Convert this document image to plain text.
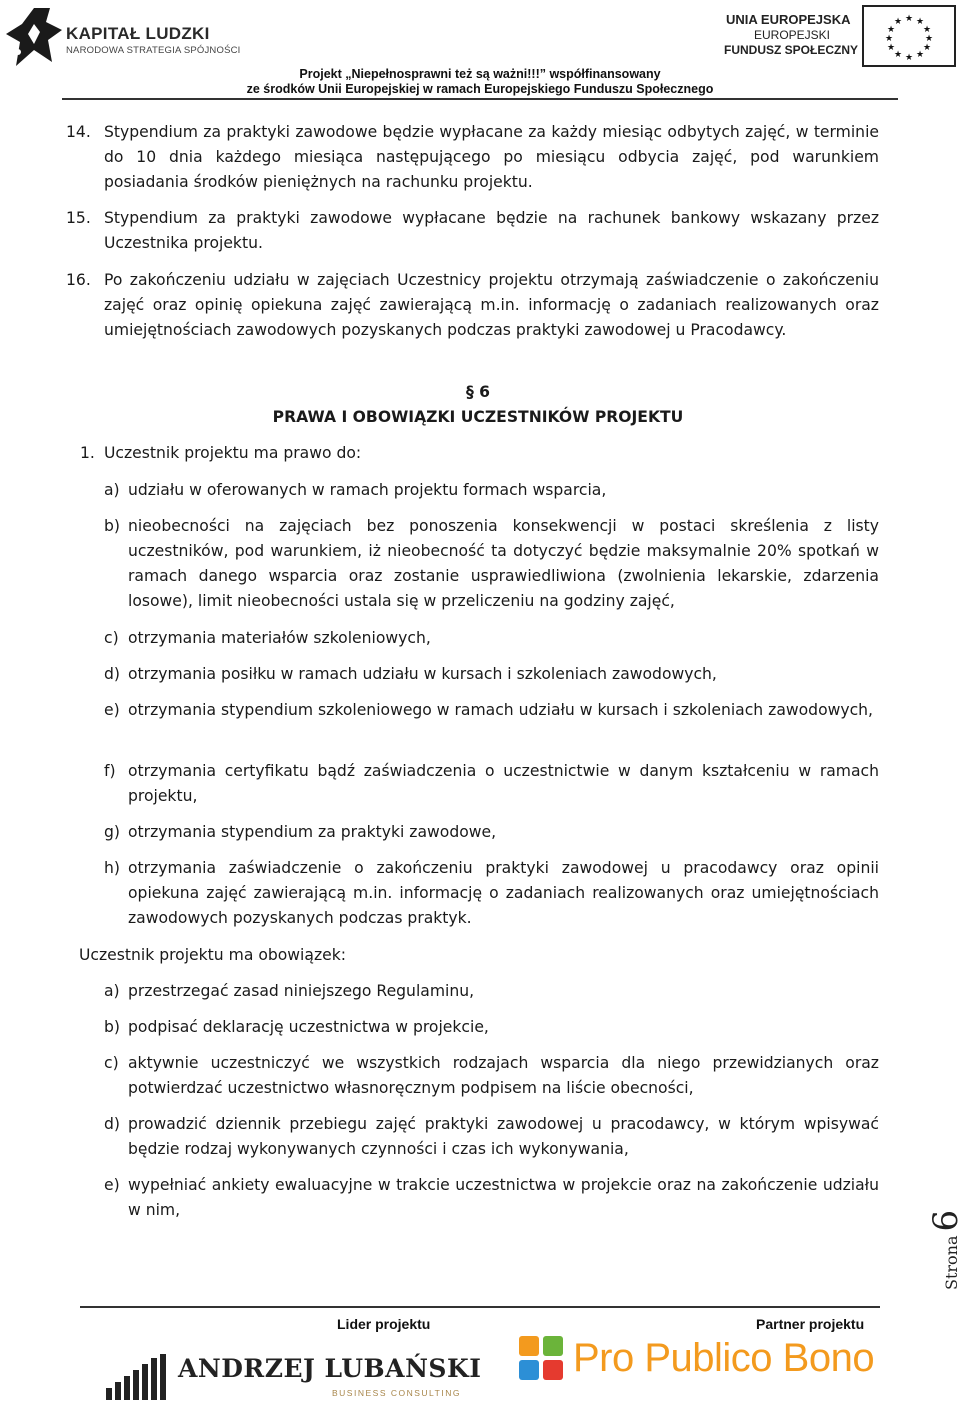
KAPITAŁ LUDZKI
NARODOWA STRATEGIA SPÓJNOŚCI
UNIA EUROPEJSKA
EUROPEJSKI
FUNDUSZ SPOŁECZNY
★ ★
★
★
★
★
★
★
★
★
★
★
Projekt „Niepełnosprawni też są ważni!!!” współfinansowany
ze środków Unii Europejskiej w ramach Europejskiego Funduszu Społecznego
14. Stypendium za praktyki zawodowe będzie wypłacane za każdy miesiąc odbytych zajęć, w terminie do 10 dnia każdego miesiąca następującego po miesiącu odbycia zajęć, pod warunkiem posiadania środków pieniężnych na rachunku projektu.
15. Stypendium za praktyki zawodowe wypłacane będzie na rachunek bankowy wskazany przez Uczestnika projektu.
16. Po zakończeniu udziału w zajęciach Uczestnicy projektu otrzymają zaświadczenie o zakończeniu zajęć oraz opinię opiekuna zajęć zawierającą m.in. informację o zadaniach realizowanych oraz umiejętnościach zawodowych pozyskanych podczas praktyki zawodowej u Pracodawcy.
§ 6
PRAWA I OBOWIĄZKI UCZESTNIKÓW PROJEKTU
1. Uczestnik projektu ma prawo do:
a) udziału w oferowanych w ramach projektu formach wsparcia,
b) nieobecności na zajęciach bez ponoszenia konsekwencji w postaci skreślenia z listy uczestników, pod warunkiem, iż nieobecność ta dotyczyć będzie maksymalnie 20% spotkań w ramach danego wsparcia oraz zostanie usprawiedliwiona (zwolnienia lekarskie, zdarzenia losowe), limit nieobecności ustala się w przeliczeniu na godziny zajęć,
c) otrzymania materiałów szkoleniowych,
d) otrzymania posiłku w ramach udziału w kursach i szkoleniach zawodowych,
e) otrzymania stypendium szkoleniowego w ramach udziału w kursach i szkoleniach zawodowych,
f) otrzymania certyfikatu bądź zaświadczenia o uczestnictwie w danym kształceniu w ramach projektu,
g) otrzymania stypendium za praktyki zawodowe,
h) otrzymania zaświadczenie o zakończeniu praktyki zawodowej u pracodawcy oraz opinii opiekuna zajęć zawierającą m.in. informację o zadaniach realizowanych oraz umiejętnościach zawodowych pozyskanych podczas praktyk.
Uczestnik projektu ma obowiązek:
a) przestrzegać zasad niniejszego Regulaminu,
b) podpisać deklarację uczestnictwa w projekcie,
c) aktywnie uczestniczyć we wszystkich rodzajach wsparcia dla niego przewidzianych oraz potwierdzać uczestnictwo własnoręcznym podpisem na liście obecności,
d) prowadzić dziennik przebiegu zajęć praktyki zawodowej u pracodawcy, w którym wpisywać będzie rodzaj wykonywanych czynności i czas ich wykonywania,
e) wypełniać ankiety ewaluacyjne w trakcie uczestnictwa w projekcie oraz na zakończenie udziału w nim,
Strona6
Lider projektu	Partner projektu
ANDRZEJ LUBAŃSKI
BUSINESS CONSULTING
Pro Publico Bono
